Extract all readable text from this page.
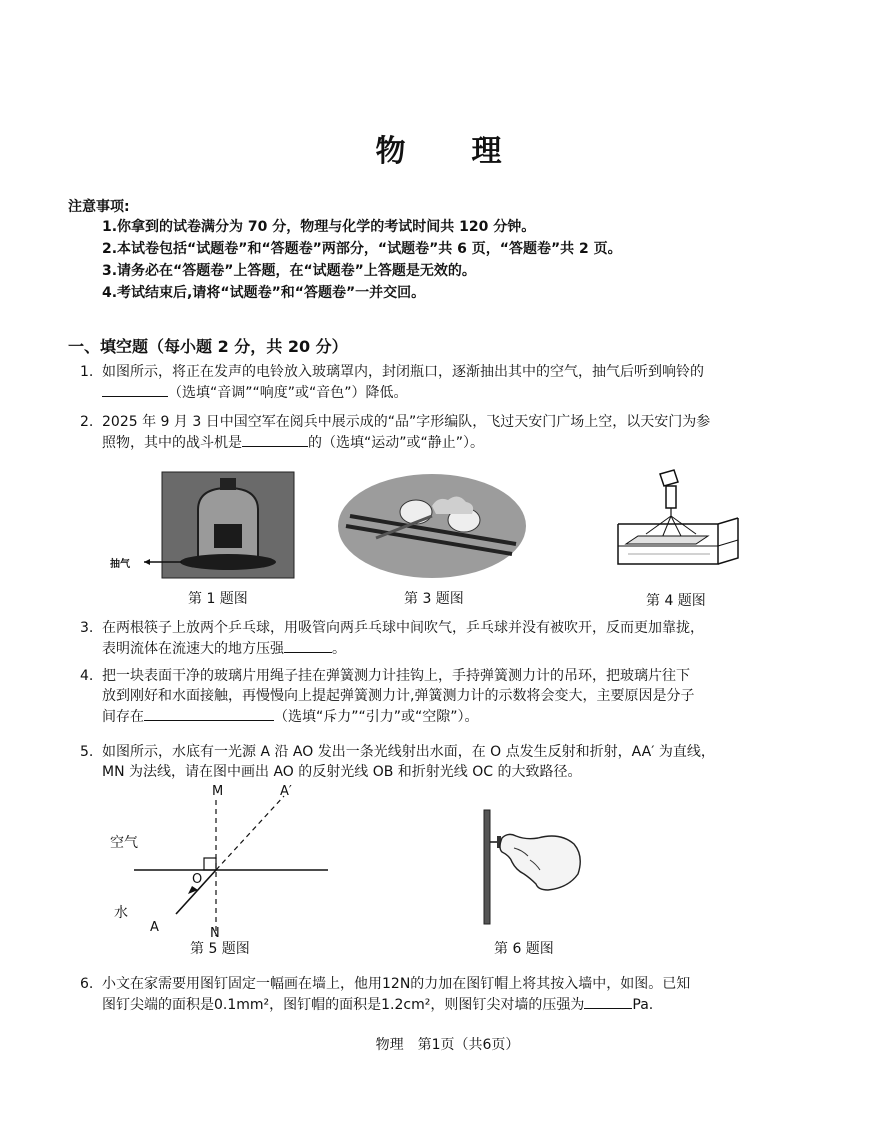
物　理
注意事项:
1.你拿到的试卷满分为 70 分，物理与化学的考试时间共 120 分钟。
2.本试卷包括“试题卷”和“答题卷”两部分，“试题卷”共 6 页，“答题卷”共 2 页。
3.请务必在“答题卷”上答题，在“试题卷”上答题是无效的。
4.考试结束后,请将“试题卷”和“答题卷”一并交回。
一、填空题（每小题 2 分，共 20 分）
1. 如图所示，将正在发声的电铃放入玻璃罩内，封闭瓶口，逐渐抽出其中的空气，抽气后听到响铃的
（选填“音调”“响度”或“音色”）降低。
2. 2025 年 9 月 3 日中国空军在阅兵中展示成的“品”字形编队，飞过天安门广场上空，以天安门为参
照物，其中的战斗机是	的（选填“运动”或“静止”）。
抽气
第 1 题图	第 3 题图	第 4 题图
3. 在两根筷子上放两个乒乓球，用吸管向两乒乓球中间吹气，乒乓球并没有被吹开，反而更加靠拢，
表明流体在流速大的地方压强	。
4. 把一块表面干净的玻璃片用绳子挂在弹簧测力计挂钩上，手持弹簧测力计的吊环，把玻璃片往下
放到刚好和水面接触，再慢慢向上提起弹簧测力计,弹簧测力计的示数将会变大，主要原因是分子
间存在	（选填“斥力”“引力”或“空隙”）。
5. 如图所示，水底有一光源 A 沿 AO 发出一条光线射出水面，在 O 点发生反射和折射，AA′ 为直线，
MN 为法线，请在图中画出 AO 的反射光线 OB 和折射光线 OC 的大致路径。
M	A′
空气
O
水
A	N
第 5 题图	第 6 题图
6. 小文在家需要用图钉固定一幅画在墙上，他用12N的力加在图钉帽上将其按入墙中，如图。已知
图钉尖端的面积是0.1mm²，图钉帽的面积是1.2cm²，则图钉尖对墙的压强为	Pa.
物理　第1页（共6页）
